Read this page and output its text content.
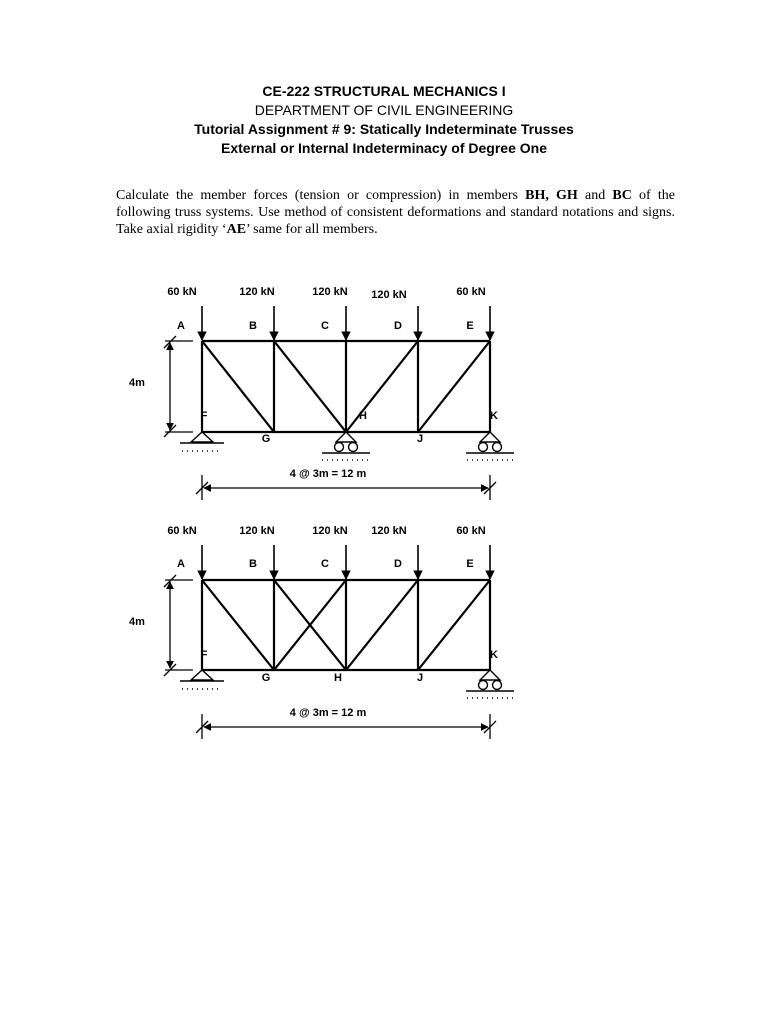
CE-222 STRUCTURAL MECHANICS I
DEPARTMENT OF CIVIL ENGINEERING
Tutorial Assignment # 9: Statically Indeterminate Trusses
External or Internal Indeterminacy of Degree One
Calculate the member forces (tension or compression) in members BH, GH and BC of the following truss systems. Use method of consistent deformations and standard notations and signs. Take axial rigidity ‘AE’ same for all members.
60 kN	120 kN	120 kN 120 kN	60 kN
A	B	C	D	E
F
G
H
J
K
4m
4 @ 3m = 12 m
60 kN	120 kN	120 kN 120 kN	60 kN
A	B	C	D	E
F
G	H	J
K
4m
4 @ 3m = 12 m
